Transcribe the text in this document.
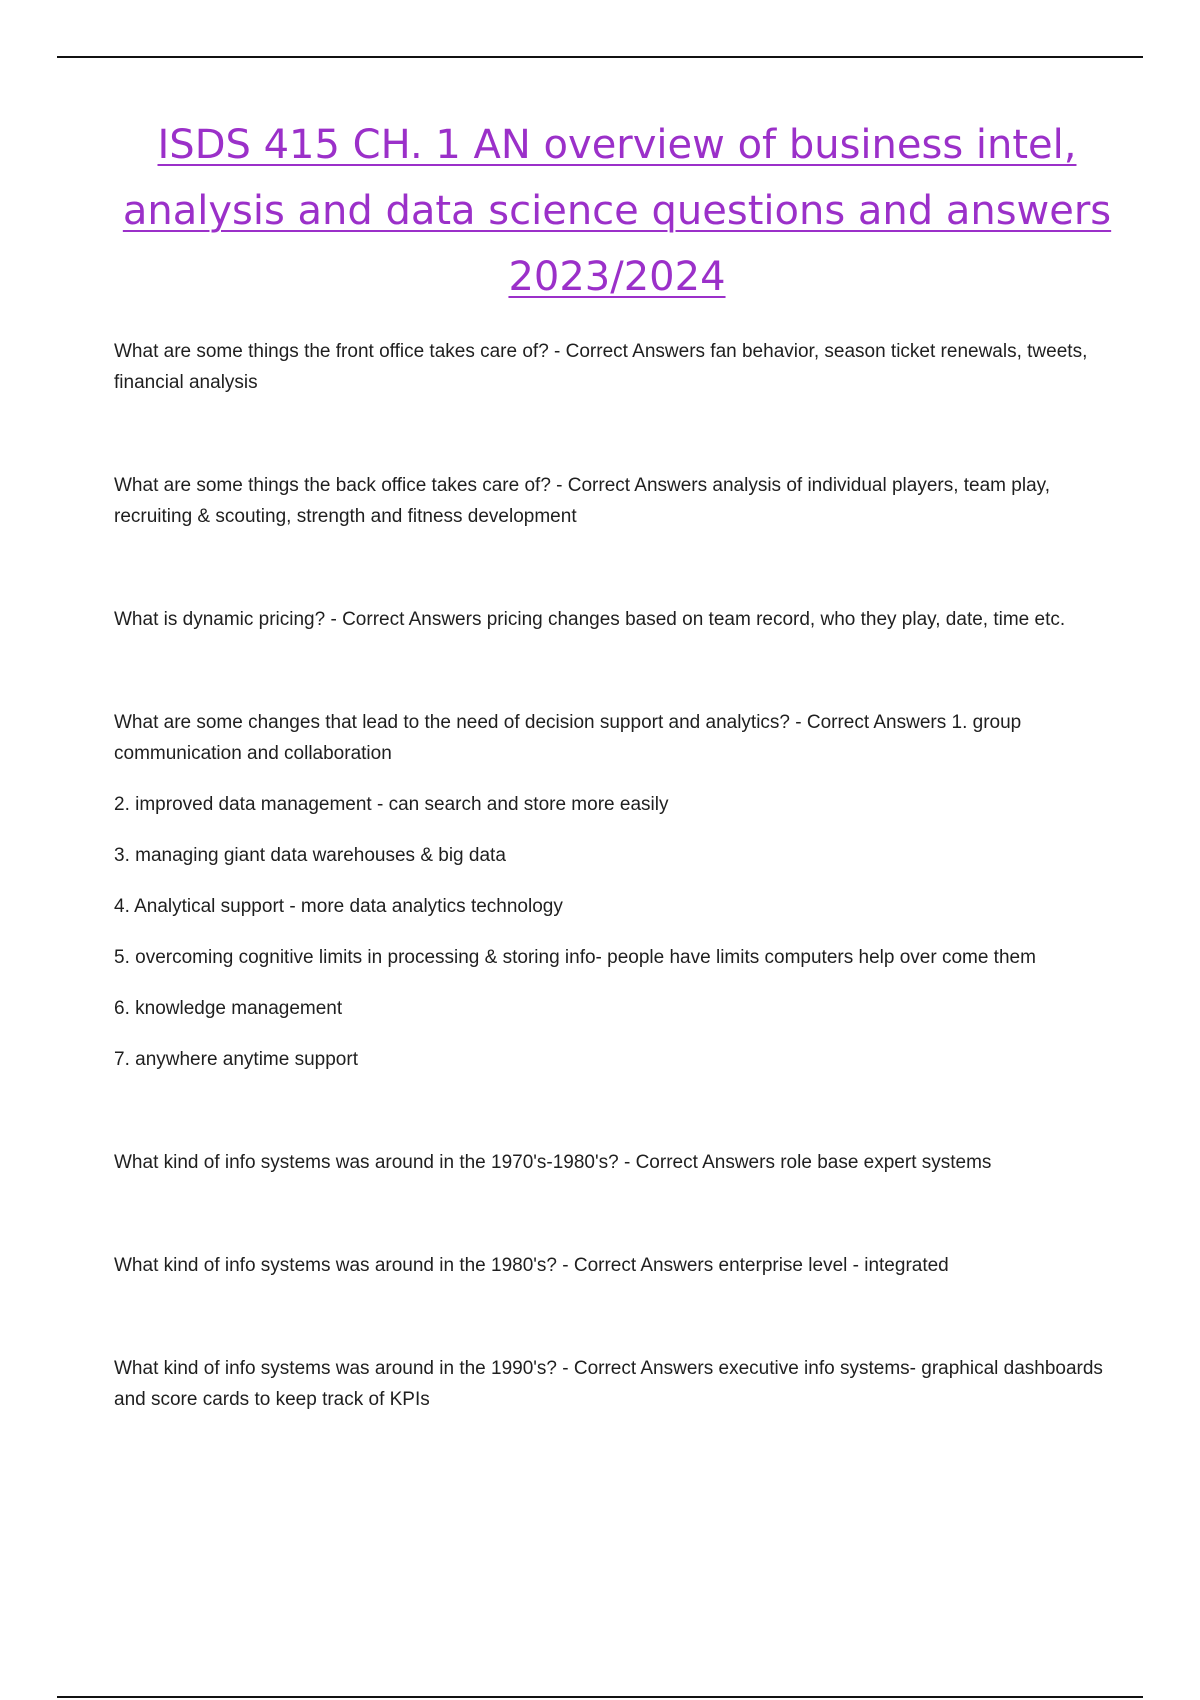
ISDS 415 CH. 1 AN overview of business intel, analysis and data science questions and answers 2023/2024

What are some things the front office takes care of? - Correct Answers fan behavior, season ticket renewals, tweets, financial analysis

What are some things the back office takes care of? - Correct Answers analysis of individual players, team play, recruiting & scouting, strength and fitness development

What is dynamic pricing? - Correct Answers pricing changes based on team record, who they play, date, time etc.

What are some changes that lead to the need of decision support and analytics? - Correct Answers 1. group communication and collaboration

2. improved data management - can search and store more easily

3. managing giant data warehouses & big data

4. Analytical support - more data analytics technology

5. overcoming cognitive limits in processing & storing info- people have limits computers help over come them

6. knowledge management

7. anywhere anytime support

What kind of info systems was around in the 1970's-1980's? - Correct Answers role base expert systems

What kind of info systems was around in the 1980's? - Correct Answers enterprise level - integrated

What kind of info systems was around in the 1990's? - Correct Answers executive info systems- graphical dashboards and score cards to keep track of KPIs
